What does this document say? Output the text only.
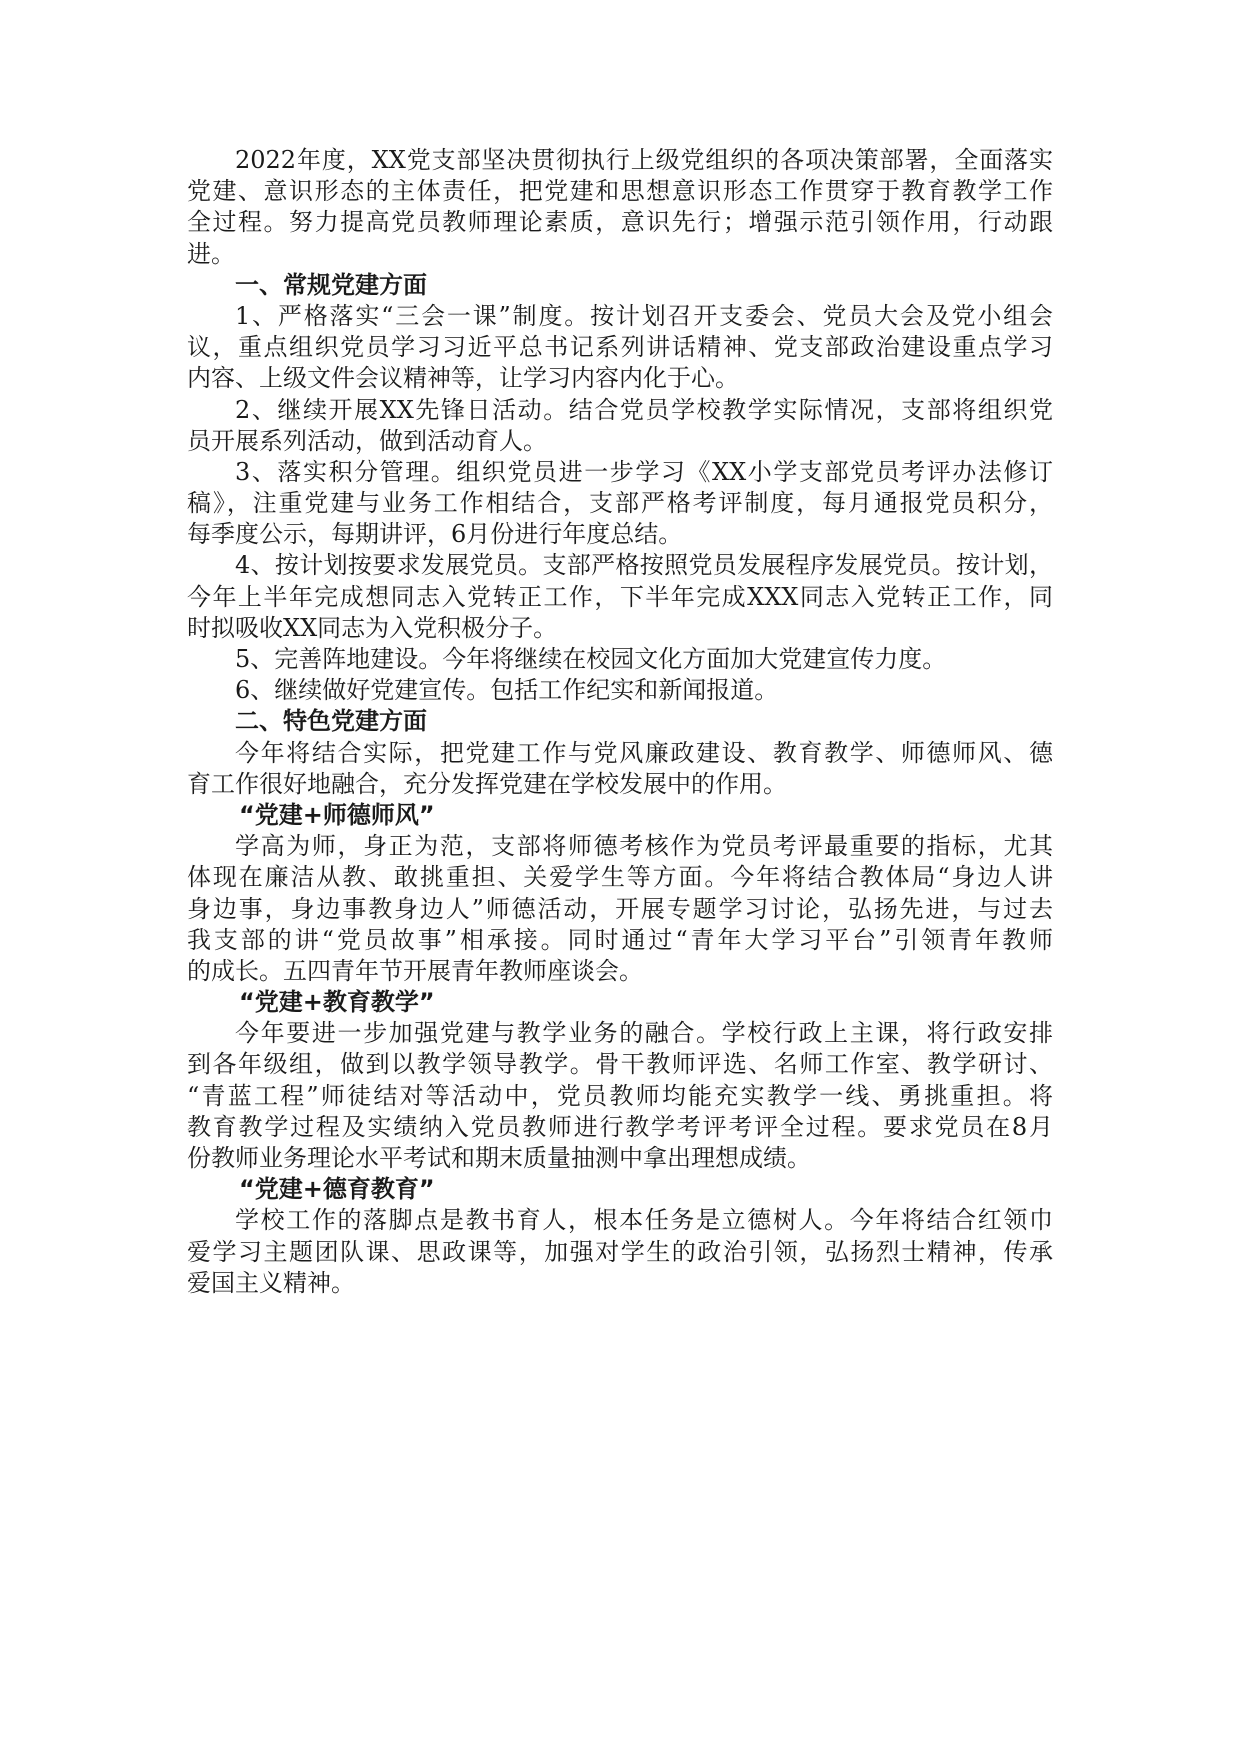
2022年度，XX党支部坚决贯彻执行上级党组织的各项决策部署，全面落实
党建、意识形态的主体责任，把党建和思想意识形态工作贯穿于教育教学工作
全过程。努力提高党员教师理论素质，意识先行；增强示范引领作用，行动跟
进。
一、常规党建方面
1、严格落实“三会一课”制度。按计划召开支委会、党员大会及党小组会
议，重点组织党员学习习近平总书记系列讲话精神、党支部政治建设重点学习
内容、上级文件会议精神等，让学习内容内化于心。
2、继续开展XX先锋日活动。结合党员学校教学实际情况，支部将组织党
员开展系列活动，做到活动育人。
3、落实积分管理。组织党员进一步学习《XX小学支部党员考评办法修订
稿》，注重党建与业务工作相结合，支部严格考评制度，每月通报党员积分，
每季度公示，每期讲评，6月份进行年度总结。
4、按计划按要求发展党员。支部严格按照党员发展程序发展党员。按计划，
今年上半年完成想同志入党转正工作，下半年完成XXX同志入党转正工作，同
时拟吸收XX同志为入党积极分子。
5、完善阵地建设。今年将继续在校园文化方面加大党建宣传力度。
6、继续做好党建宣传。包括工作纪实和新闻报道。
二、特色党建方面
今年将结合实际，把党建工作与党风廉政建设、教育教学、师德师风、德
育工作很好地融合，充分发挥党建在学校发展中的作用。
“党建+师德师风”
学高为师，身正为范，支部将师德考核作为党员考评最重要的指标，尤其
体现在廉洁从教、敢挑重担、关爱学生等方面。今年将结合教体局“身边人讲
身边事，身边事教身边人”师德活动，开展专题学习讨论，弘扬先进，与过去
我支部的讲“党员故事”相承接。同时通过“青年大学习平台”引领青年教师
的成长。五四青年节开展青年教师座谈会。
“党建+教育教学”
今年要进一步加强党建与教学业务的融合。学校行政上主课，将行政安排
到各年级组，做到以教学领导教学。骨干教师评选、名师工作室、教学研讨、
“青蓝工程”师徒结对等活动中，党员教师均能充实教学一线、勇挑重担。将
教育教学过程及实绩纳入党员教师进行教学考评考评全过程。要求党员在8月
份教师业务理论水平考试和期末质量抽测中拿出理想成绩。
“党建+德育教育”
学校工作的落脚点是教书育人，根本任务是立德树人。今年将结合红领巾
爱学习主题团队课、思政课等，加强对学生的政治引领，弘扬烈士精神，传承
爱国主义精神。
